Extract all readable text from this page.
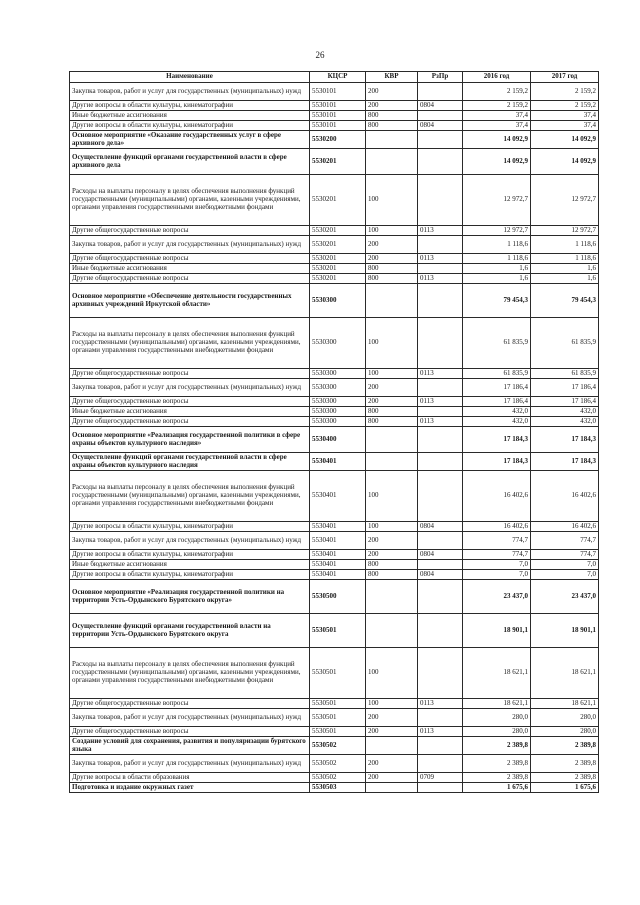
26
Наименование	КЦСР	КВР	РзПр	2016 год	2017 год
Закупка товаров, работ и услуг для государственных (муниципальных) нужд	5530101	200		2 159,2	2 159,2
Другие вопросы в области культуры, кинематографии	5530101	200	0804	2 159,2	2 159,2
Иные бюджетные ассигнования	5530101	800		37,4	37,4
Другие вопросы в области культуры, кинематографии	5530101	800	0804	37,4	37,4
Основное мероприятие «Оказание государственных услуг в сфере архивного дела»	5530200			14 092,9	14 092,9
Осуществление функций органами государственной власти в сфере архивного дела	5530201			14 092,9	14 092,9
Расходы на выплаты персоналу в целях обеспечения выполнения функций государственными (муниципальными) органами, казенными учреждениями, органами управления государственными внебюджетными фондами	5530201	100		12 972,7	12 972,7
Другие общегосударственные вопросы	5530201	100	0113	12 972,7	12 972,7
Закупка товаров, работ и услуг для государственных (муниципальных) нужд	5530201	200		1 118,6	1 118,6
Другие общегосударственные вопросы	5530201	200	0113	1 118,6	1 118,6
Иные бюджетные ассигнования	5530201	800		1,6	1,6
Другие общегосударственные вопросы	5530201	800	0113	1,6	1,6
Основное мероприятие «Обеспечение деятельности государственных архивных учреждений Иркутской области»	5530300			79 454,3	79 454,3
Расходы на выплаты персоналу в целях обеспечения выполнения функций государственными (муниципальными) органами, казенными учреждениями, органами управления государственными внебюджетными фондами	5530300	100		61 835,9	61 835,9
Другие общегосударственные вопросы	5530300	100	0113	61 835,9	61 835,9
Закупка товаров, работ и услуг для государственных (муниципальных) нужд	5530300	200		17 186,4	17 186,4
Другие общегосударственные вопросы	5530300	200	0113	17 186,4	17 186,4
Иные бюджетные ассигнования	5530300	800		432,0	432,0
Другие общегосударственные вопросы	5530300	800	0113	432,0	432,0
Основное мероприятие «Реализация государственной политики в сфере охраны объектов культурного наследия»	5530400			17 184,3	17 184,3
Осуществление функций органами государственной власти в сфере охраны объектов культурного наследия	5530401			17 184,3	17 184,3
Расходы на выплаты персоналу в целях обеспечения выполнения функций государственными (муниципальными) органами, казенными учреждениями, органами управления государственными внебюджетными фондами	5530401	100		16 402,6	16 402,6
Другие вопросы в области культуры, кинематографии	5530401	100	0804	16 402,6	16 402,6
Закупка товаров, работ и услуг для государственных (муниципальных) нужд	5530401	200		774,7	774,7
Другие вопросы в области культуры, кинематографии	5530401	200	0804	774,7	774,7
Иные бюджетные ассигнования	5530401	800		7,0	7,0
Другие вопросы в области культуры, кинематографии	5530401	800	0804	7,0	7,0
Основное мероприятие «Реализация государственной политики на территории Усть-Ордынского Бурятского округа»	5530500			23 437,0	23 437,0
Осуществление функций органами государственной власти на территории Усть-Ордынского Бурятского округа	5530501			18 901,1	18 901,1
Расходы на выплаты персоналу в целях обеспечения выполнения функций государственными (муниципальными) органами, казенными учреждениями, органами управления государственными внебюджетными фондами	5530501	100		18 621,1	18 621,1
Другие общегосударственные вопросы	5530501	100	0113	18 621,1	18 621,1
Закупка товаров, работ и услуг для государственных (муниципальных) нужд	5530501	200		280,0	280,0
Другие общегосударственные вопросы	5530501	200	0113	280,0	280,0
Создание условий для сохранения, развития и популяризации бурятского языка	5530502			2 389,8	2 389,8
Закупка товаров, работ и услуг для государственных (муниципальных) нужд	5530502	200		2 389,8	2 389,8
Другие вопросы в области образования	5530502	200	0709	2 389,8	2 389,8
Подготовка и издание окружных газет	5530503			1 675,6	1 675,6
